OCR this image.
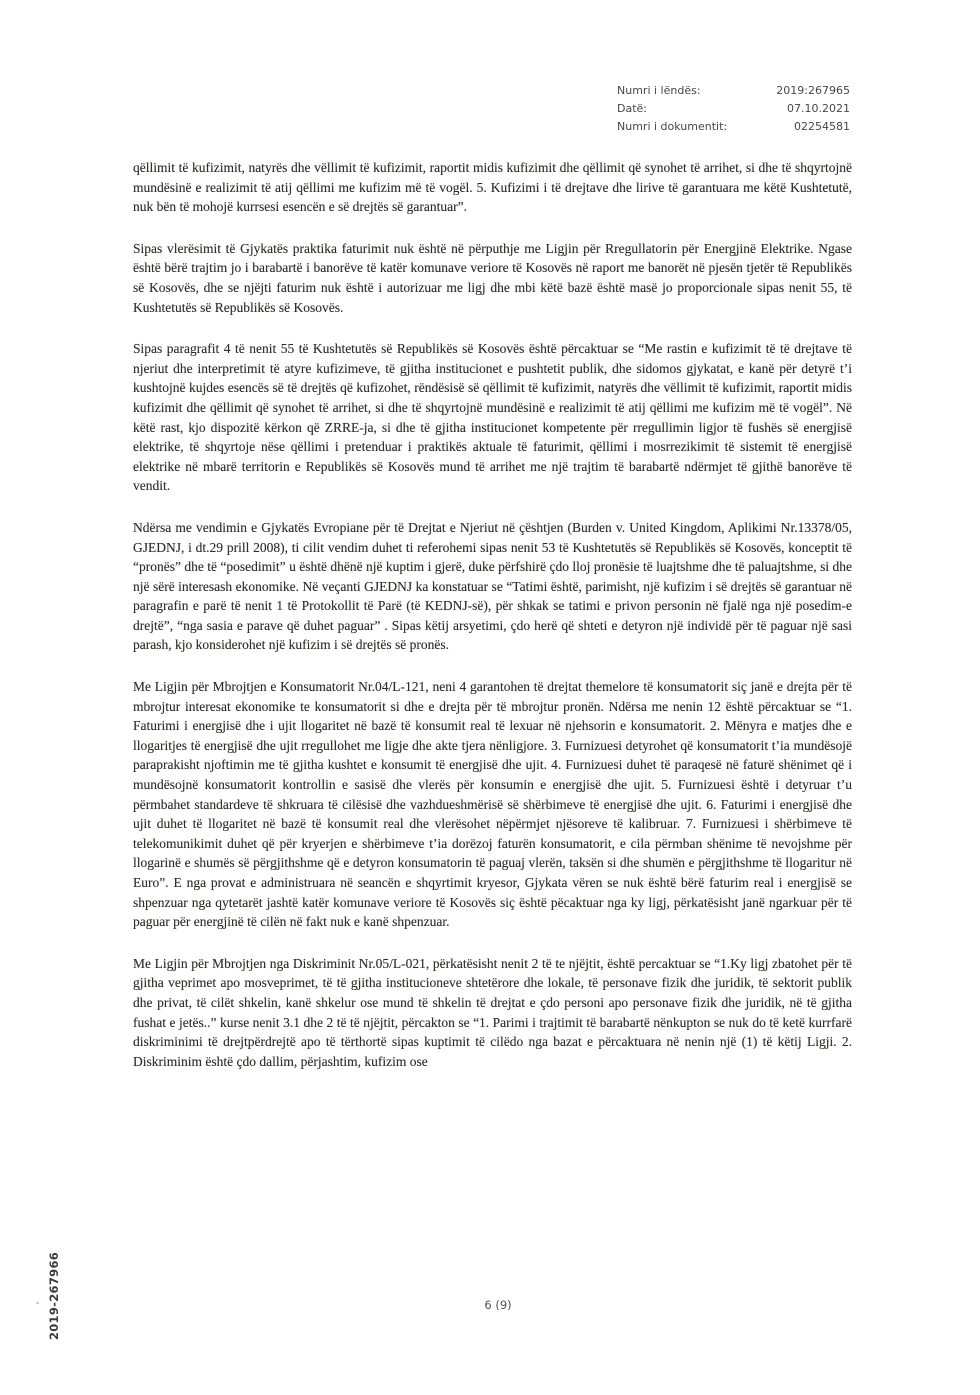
Numri i lëndës:	2019:267965
Datë:	07.10.2021
Numri i dokumentit:	02254581

qëllimit të kufizimit, natyrës dhe vëllimit të kufizimit, raportit midis kufizimit dhe qëllimit që synohet të arrihet, si dhe të shqyrtojnë mundësinë e realizimit të atij qëllimi me kufizim më të vogël. 5. Kufizimi i të drejtave dhe lirive të garantuara me këtë Kushtetutë, nuk bën të mohojë kurrsesi esencën e së drejtës së garantuar”.

Sipas vlerësimit të Gjykatës praktika faturimit nuk është në përputhje me Ligjin për Rregullatorin për Energjinë Elektrike. Ngase është bërë trajtim jo i barabartë i banorëve të katër komunave veriore të Kosovës në raport me banorët në pjesën tjetër të Republikës së Kosovës, dhe se njëjti faturim nuk është i autorizuar me ligj dhe mbi këtë bazë është masë jo proporcionale sipas nenit 55, të Kushtetutës së Republikës së Kosovës.

Sipas paragrafit 4 të nenit 55 të Kushtetutës së Republikës së Kosovës është përcaktuar se “Me rastin e kufizimit të të drejtave të njeriut dhe interpretimit të atyre kufizimeve, të gjitha institucionet e pushtetit publik, dhe sidomos gjykatat, e kanë për detyrë t’i kushtojnë kujdes esencës së të drejtës që kufizohet, rëndësisë së qëllimit të kufizimit, natyrës dhe vëllimit të kufizimit, raportit midis kufizimit dhe qëllimit që synohet të arrihet, si dhe të shqyrtojnë mundësinë e realizimit të atij qëllimi me kufizim më të vogël”. Në këtë rast, kjo dispozitë kërkon që ZRRE-ja, si dhe të gjitha institucionet kompetente për rregullimin ligjor të fushës së energjisë elektrike, të shqyrtoje nëse qëllimi i pretenduar i praktikës aktuale të faturimit, qëllimi i mosrrezikimit të sistemit të energjisë elektrike në mbarë territorin e Republikës së Kosovës mund të arrihet me një trajtim të barabartë ndërmjet të gjithë banorëve të vendit.

Ndërsa me vendimin e Gjykatës Evropiane për të Drejtat e Njeriut në çështjen (Burden v. United Kingdom, Aplikimi Nr.13378/05, GJEDNJ, i dt.29 prill 2008), ti cilit vendim duhet ti referohemi sipas nenit 53 të Kushtetutës së Republikës së Kosovës, konceptit të “pronës” dhe të “posedimit” u është dhënë një kuptim i gjerë, duke përfshirë çdo lloj pronësie të luajtshme dhe të paluajtshme, si dhe një sërë interesash ekonomike. Në veçanti GJEDNJ ka konstatuar se “Tatimi është, parimisht, një kufizim i së drejtës së garantuar në paragrafin e parë të nenit 1 të Protokollit të Parë (të KEDNJ-së), për shkak se tatimi e privon personin në fjalë nga një posedim-e drejtë”, “nga sasia e parave që duhet paguar” . Sipas këtij arsyetimi, çdo herë që shteti e detyron një individë për të paguar një sasi parash, kjo konsiderohet një kufizim i së drejtës së pronës.

Me Ligjin për Mbrojtjen e Konsumatorit Nr.04/L-121, neni 4 garantohen të drejtat themelore të konsumatorit siç janë e drejta për të mbrojtur interesat ekonomike te konsumatorit si dhe e drejta për të mbrojtur pronën. Ndërsa me nenin 12 është përcaktuar se “1. Faturimi i energjisë dhe i ujit llogaritet në bazë të konsumit real të lexuar në njehsorin e konsumatorit. 2. Mënyra e matjes dhe e llogaritjes të energjisë dhe ujit rregullohet me ligje dhe akte tjera nënligjore. 3. Furnizuesi detyrohet që konsumatorit t’ia mundësojë paraprakisht njoftimin me të gjitha kushtet e konsumit të energjisë dhe ujit. 4. Furnizuesi duhet të paraqesë në faturë shënimet që i mundësojnë konsumatorit kontrollin e sasisë dhe vlerës për konsumin e energjisë dhe ujit. 5. Furnizuesi është i detyruar t’u përmbahet standardeve të shkruara të cilësisë dhe vazhdueshmërisë së shërbimeve të energjisë dhe ujit. 6. Faturimi i energjisë dhe ujit duhet të llogaritet në bazë të konsumit real dhe vlerësohet nëpërmjet njësoreve të kalibruar. 7. Furnizuesi i shërbimeve të telekomunikimit duhet që për kryerjen e shërbimeve t’ia dorëzoj faturën konsumatorit, e cila përmban shënime të nevojshme për llogarinë e shumës së përgjithshme që e detyron konsumatorin të paguaj vlerën, taksën si dhe shumën e përgjithshme të llogaritur në Euro”. E nga provat e administruara në seancën e shqyrtimit kryesor, Gjykata vëren se nuk është bërë faturim real i energjisë se shpenzuar nga qytetarët jashtë katër komunave veriore të Kosovës siç është pëcaktuar nga ky ligj, përkatësisht janë ngarkuar për të paguar për energjinë të cilën në fakt nuk e kanë shpenzuar.

Me Ligjin për Mbrojtjen nga Diskriminit Nr.05/L-021, përkatësisht nenit 2 të te njëjtit, është percaktuar se “1.Ky ligj zbatohet për të gjitha veprimet apo mosveprimet, të të gjitha institucioneve shtetërore dhe lokale, të personave fizik dhe juridik, të sektorit publik dhe privat, të cilët shkelin, kanë shkelur ose mund të shkelin të drejtat e çdo personi apo personave fizik dhe juridik, në të gjitha fushat e jetës..” kurse nenit 3.1 dhe 2 të të njëjtit, përcakton se “1. Parimi i trajtimit të barabartë nënkupton se nuk do të ketë kurrfarë diskriminimi të drejtpërdrejtë apo të tërthortë sipas kuptimit të cilëdo nga bazat e përcaktuara në nenin një (1) të këtij Ligji. 2. Diskriminim është çdo dallim, përjashtim, kufizim ose

6 (9)
2019-267966
